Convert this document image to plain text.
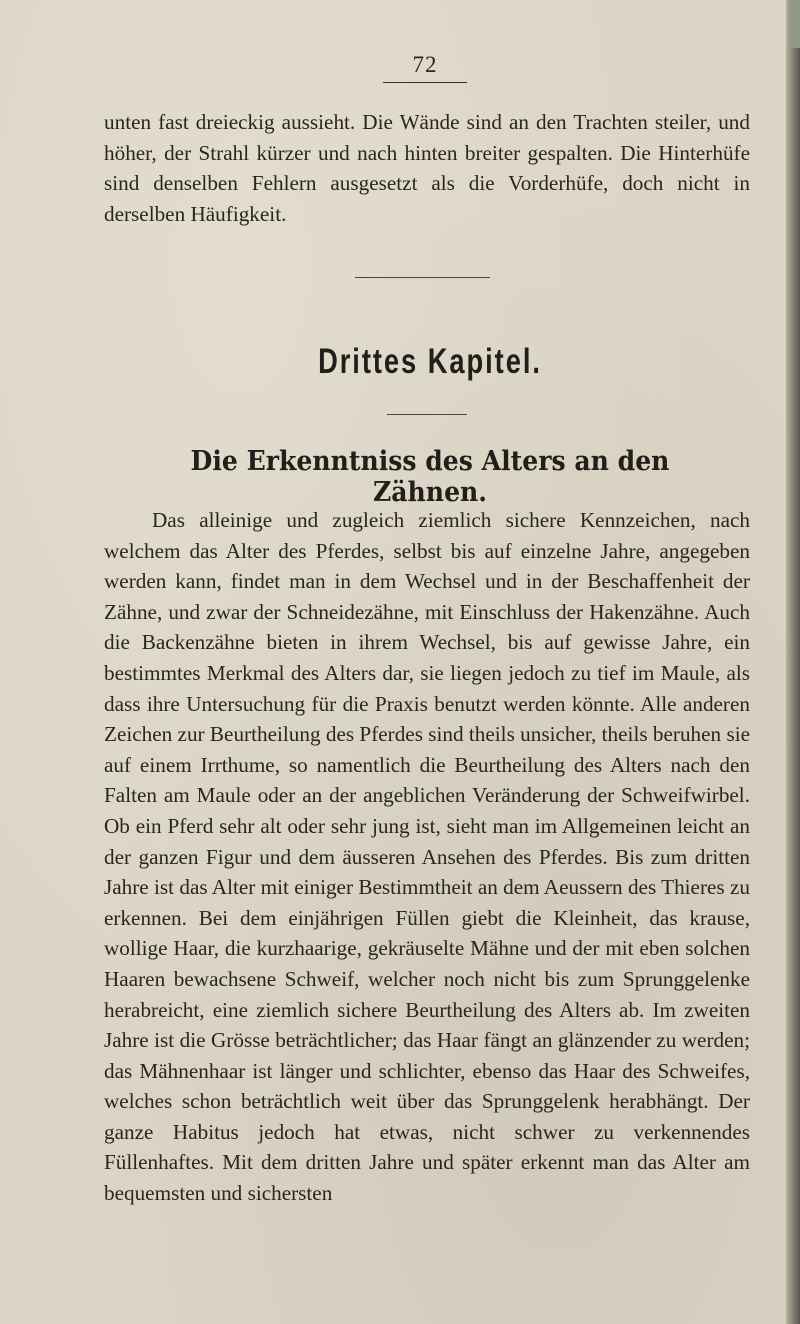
72

unten fast dreieckig aussieht. Die Wände sind an den Trachten steiler, und höher, der Strahl kürzer und nach hinten breiter gespalten. Die Hinterhüfe sind denselben Fehlern ausgesetzt als die Vorderhüfe, doch nicht in derselben Häufigkeit.

Drittes Kapitel.
Die Erkenntniss des Alters an den Zähnen.

Das alleinige und zugleich ziemlich sichere Kennzeichen, nach welchem das Alter des Pferdes, selbst bis auf einzelne Jahre, angegeben werden kann, findet man in dem Wechsel und in der Beschaffenheit der Zähne, und zwar der Schneidezähne, mit Einschluss der Hakenzähne. Auch die Backenzähne bieten in ihrem Wechsel, bis auf gewisse Jahre, ein bestimmtes Merkmal des Alters dar, sie liegen jedoch zu tief im Maule, als dass ihre Untersuchung für die Praxis benutzt werden könnte. Alle anderen Zeichen zur Beurtheilung des Pferdes sind theils unsicher, theils beruhen sie auf einem Irrthume, so namentlich die Beurtheilung des Alters nach den Falten am Maule oder an der angeblichen Veränderung der Schweifwirbel. Ob ein Pferd sehr alt oder sehr jung ist, sieht man im Allgemeinen leicht an der ganzen Figur und dem äusseren Ansehen des Pferdes. Bis zum dritten Jahre ist das Alter mit einiger Bestimmtheit an dem Aeussern des Thieres zu erkennen. Bei dem einjährigen Füllen giebt die Kleinheit, das krause, wollige Haar, die kurzhaarige, gekräuselte Mähne und der mit eben solchen Haaren bewachsene Schweif, welcher noch nicht bis zum Sprunggelenke herabreicht, eine ziemlich sichere Beurtheilung des Alters ab. Im zweiten Jahre ist die Grösse beträchtlicher; das Haar fängt an glänzender zu werden; das Mähnenhaar ist länger und schlichter, ebenso das Haar des Schweifes, welches schon beträchtlich weit über das Sprunggelenk herabhängt. Der ganze Habitus jedoch hat etwas, nicht schwer zu verkennendes Füllenhaftes. Mit dem dritten Jahre und später erkennt man das Alter am bequemsten und sichersten
